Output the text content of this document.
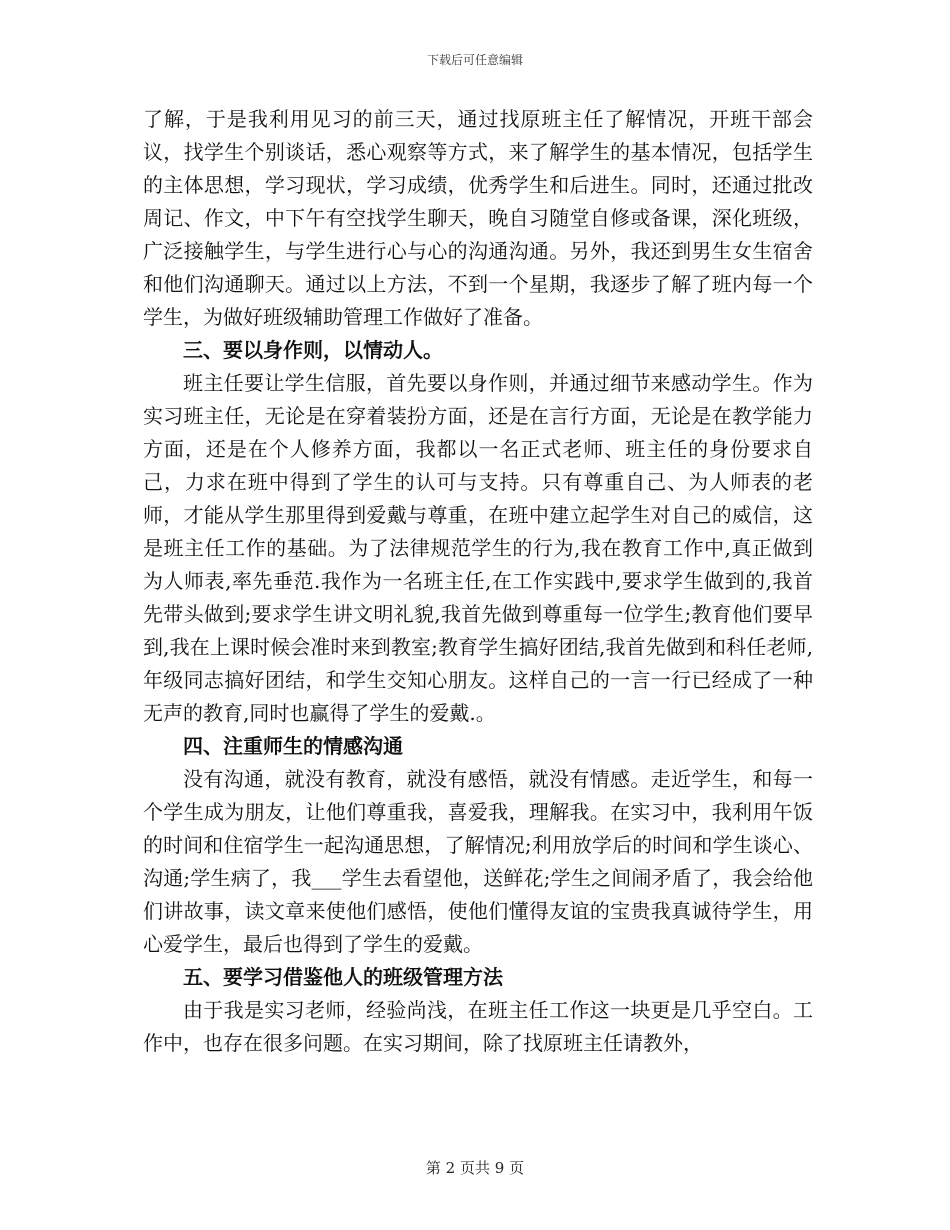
下载后可任意编辑

了解，于是我利用见习的前三天，通过找原班主任了解情况，开班干部会议，找学生个别谈话，悉心观察等方式，来了解学生的基本情况，包括学生的主体思想，学习现状，学习成绩，优秀学生和后进生。同时，还通过批改周记、作文，中下午有空找学生聊天，晚自习随堂自修或备课，深化班级，广泛接触学生，与学生进行心与心的沟通沟通。另外，我还到男生女生宿舍和他们沟通聊天。通过以上方法，不到一个星期，我逐步了解了班内每一个学生，为做好班级辅助管理工作做好了准备。

三、要以身作则，以情动人。

班主任要让学生信服，首先要以身作则，并通过细节来感动学生。作为实习班主任，无论是在穿着装扮方面，还是在言行方面，无论是在教学能力方面，还是在个人修养方面，我都以一名正式老师、班主任的身份要求自己，力求在班中得到了学生的认可与支持。只有尊重自己、为人师表的老师，才能从学生那里得到爱戴与尊重，在班中建立起学生对自己的威信，这是班主任工作的基础。为了法律规范学生的行为,我在教育工作中,真正做到为人师表,率先垂范.我作为一名班主任,在工作实践中,要求学生做到的,我首先带头做到;要求学生讲文明礼貌,我首先做到尊重每一位学生;教育他们要早到,我在上课时候会准时来到教室;教育学生搞好团结,我首先做到和科任老师,年级同志搞好团结，和学生交知心朋友。这样自己的一言一行已经成了一种无声的教育,同时也赢得了学生的爱戴.。

四、注重师生的情感沟通

没有沟通，就没有教育，就没有感悟，就没有情感。走近学生，和每一个学生成为朋友，让他们尊重我，喜爱我，理解我。在实习中，我利用午饭的时间和住宿学生一起沟通思想，了解情况;利用放学后的时间和学生谈心、沟通;学生病了，我___学生去看望他，送鲜花;学生之间闹矛盾了，我会给他们讲故事，读文章来使他们感悟，使他们懂得友谊的宝贵我真诚待学生，用心爱学生，最后也得到了学生的爱戴。

五、要学习借鉴他人的班级管理方法

由于我是实习老师，经验尚浅，在班主任工作这一块更是几乎空白。工作中，也存在很多问题。在实习期间，除了找原班主任请教外，

第 2 页共 9 页
